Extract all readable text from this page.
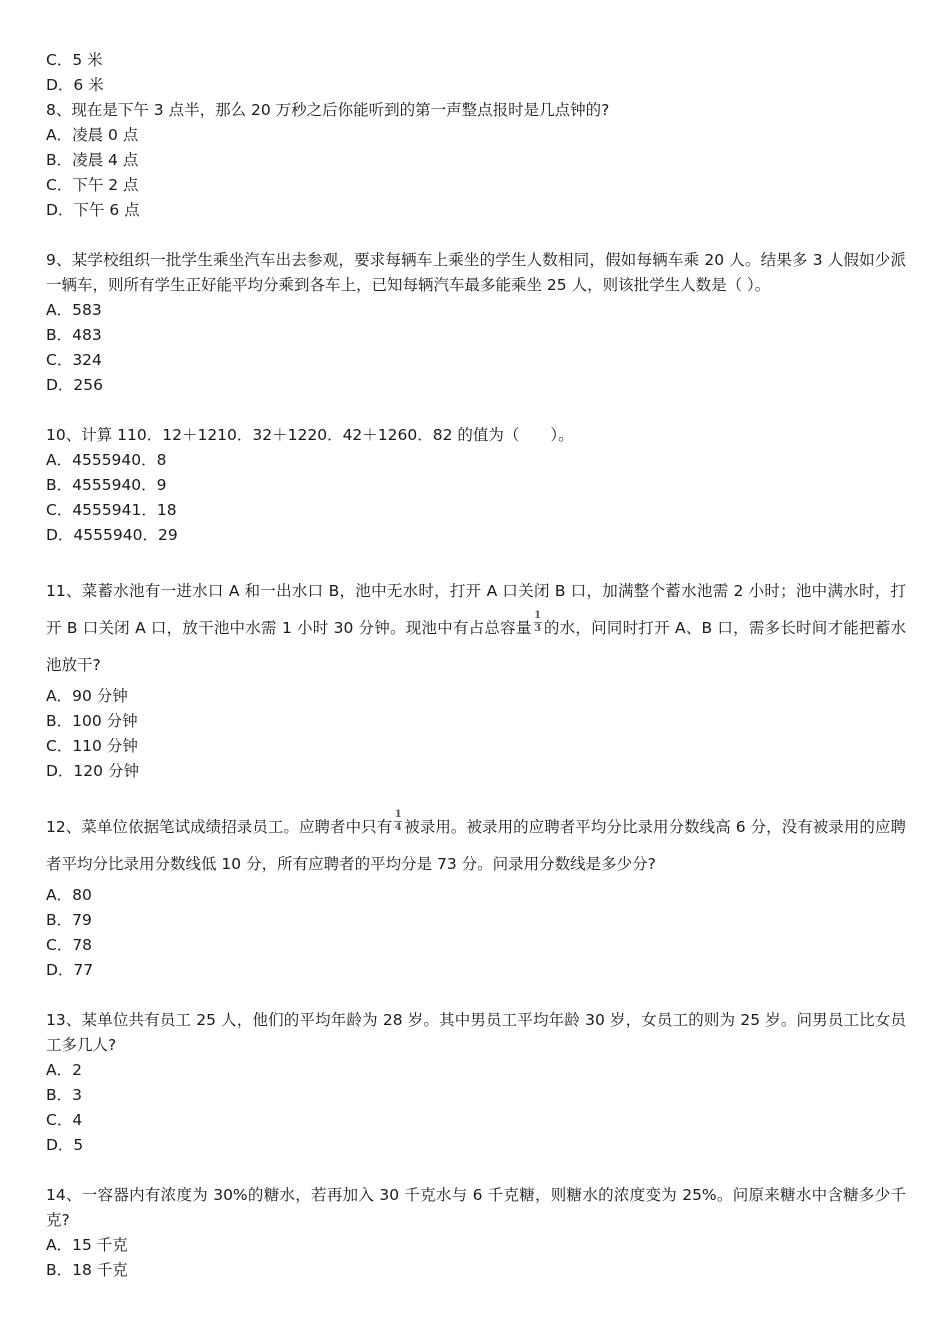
C．5 米
D．6 米
8、现在是下午 3 点半，那么 20 万秒之后你能听到的第一声整点报时是几点钟的?
A．凌晨 0 点
B．凌晨 4 点
C．下午 2 点
D．下午 6 点
9、某学校组织一批学生乘坐汽车出去参观，要求每辆车上乘坐的学生人数相同，假如每辆车乘 20 人。结果多 3 人假如少派一辆车，则所有学生正好能平均分乘到各车上，已知每辆汽车最多能乘坐 25 人，则该批学生人数是（ ）。
A．583
B．483
C．324
D．256
10、计算 110．12＋1210．32＋1220．42＋1260．82 的值为（　　）。
A．4555940．8
B．4555940．9
C．4555941．18
D．4555940．29
11、菜蓄水池有一进水口 A 和一出水口 B，池中无水时，打开 A 口关闭 B 口，加满整个蓄水池需 2 小时；池中满水时，打开 B 口关闭 A 口，放干池中水需 1 小时 30 分钟。现池中有占总容量 $\frac{1}{3}$ 的水，问同时打开 A、B 口，需多长时间才能把蓄水池放干?
A．90 分钟
B．100 分钟
C．110 分钟
D．120 分钟
12、菜单位依据笔试成绩招录员工。应聘者中只有 $\frac{1}{4}$ 被录用。被录用的应聘者平均分比录用分数线高 6 分，没有被录用的应聘者平均分比录用分数线低 10 分，所有应聘者的平均分是 73 分。问录用分数线是多少分?
A．80
B．79
C．78
D．77
13、某单位共有员工 25 人，他们的平均年龄为 28 岁。其中男员工平均年龄 30 岁，女员工的则为 25 岁。问男员工比女员工多几人?
A．2
B．3
C．4
D．5
14、一容器内有浓度为 30%的糖水，若再加入 30 千克水与 6 千克糖，则糖水的浓度变为 25%。问原来糖水中含糖多少千克?
A．15 千克
B．18 千克
